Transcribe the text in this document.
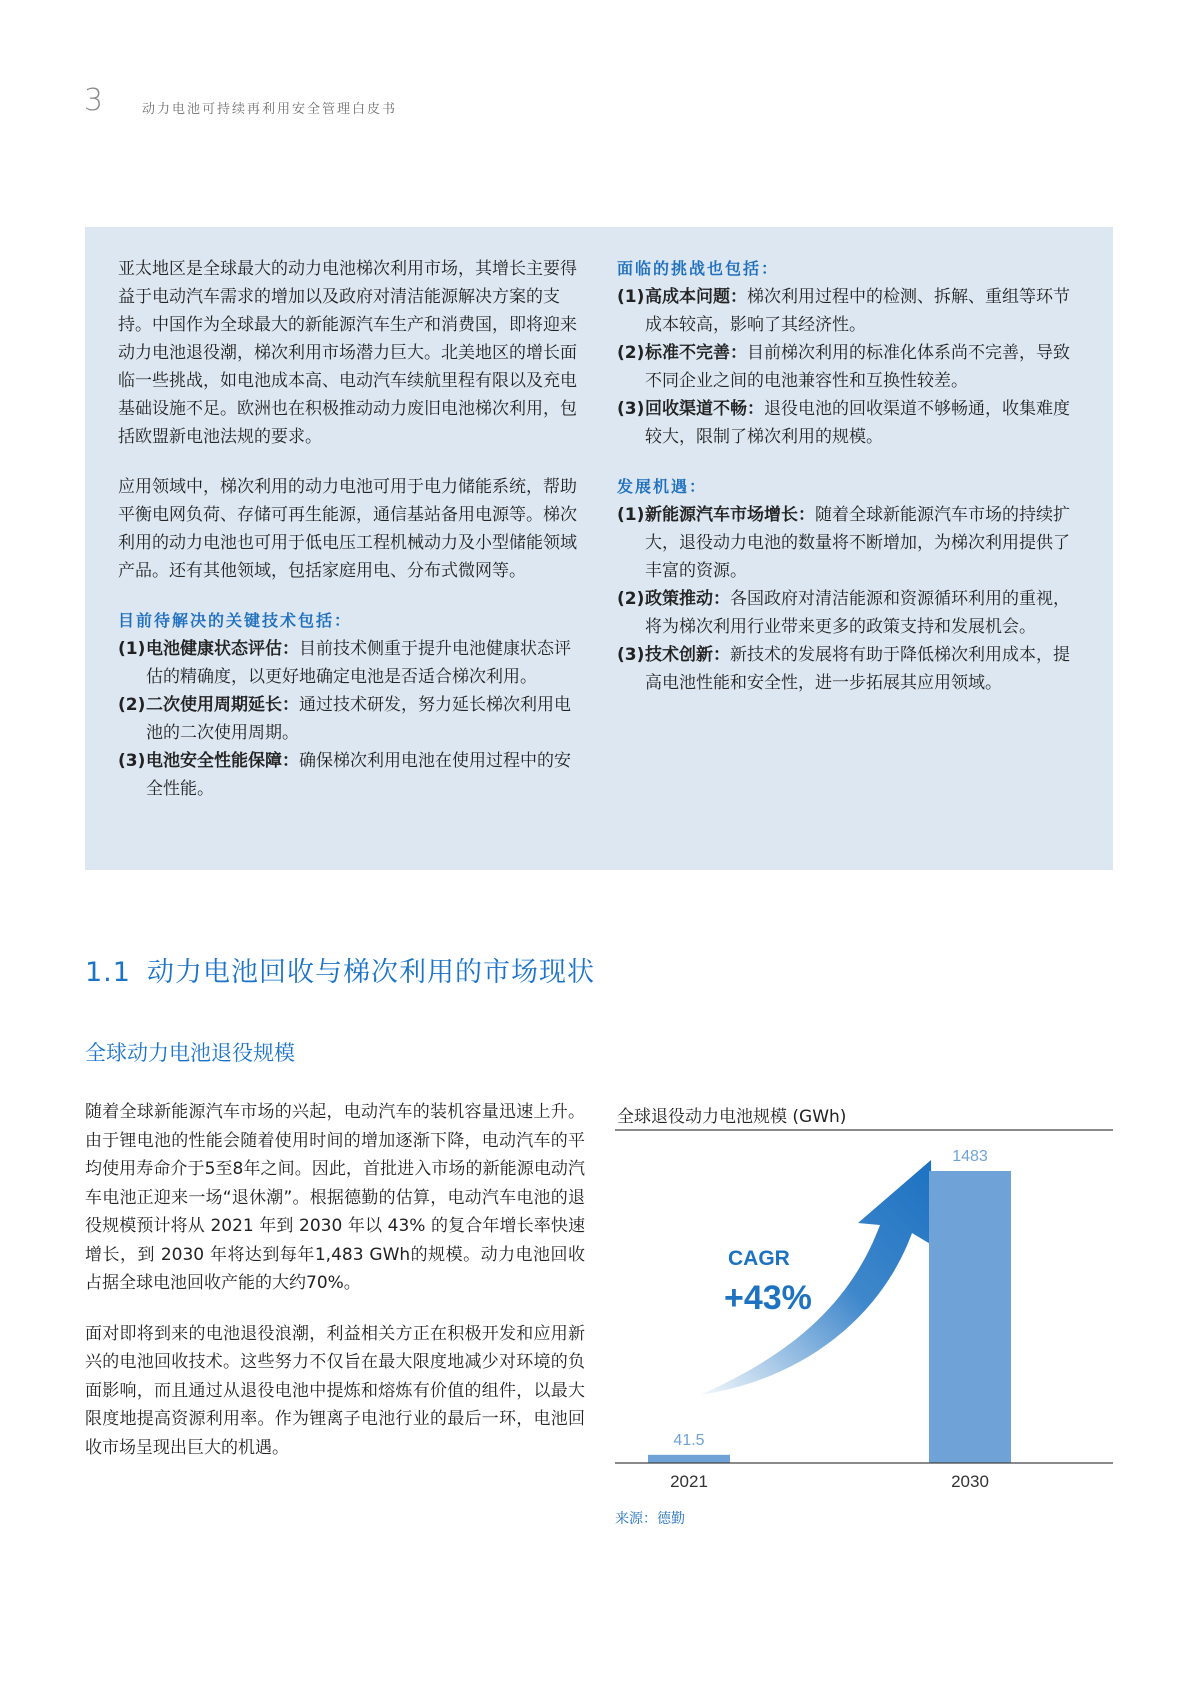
3	动力电池可持续再利用安全管理白皮书

亚太地区是全球最大的动力电池梯次利用市场，其增长主要得益于电动汽车需求的增加以及政府对清洁能源解决方案的支持。中国作为全球最大的新能源汽车生产和消费国，即将迎来动力电池退役潮，梯次利用市场潜力巨大。北美地区的增长面临一些挑战，如电池成本高、电动汽车续航里程有限以及充电基础设施不足。欧洲也在积极推动动力废旧电池梯次利用，包括欧盟新电池法规的要求。

应用领域中，梯次利用的动力电池可用于电力储能系统，帮助平衡电网负荷、存储可再生能源，通信基站备用电源等。梯次利用的动力电池也可用于低电压工程机械动力及小型储能领域产品。还有其他领域，包括家庭用电、分布式微网等。

目前待解决的关键技术包括：
(1) 电池健康状态评估：目前技术侧重于提升电池健康状态评估的精确度，以更好地确定电池是否适合梯次利用。
(2) 二次使用周期延长：通过技术研发，努力延长梯次利用电池的二次使用周期。
(3) 电池安全性能保障：确保梯次利用电池在使用过程中的安全性能。
面临的挑战也包括：
(1) 高成本问题：梯次利用过程中的检测、拆解、重组等环节成本较高，影响了其经济性。
(2) 标准不完善：目前梯次利用的标准化体系尚不完善，导致不同企业之间的电池兼容性和互换性较差。
(3) 回收渠道不畅：退役电池的回收渠道不够畅通，收集难度较大，限制了梯次利用的规模。
发展机遇：
(1) 新能源汽车市场增长：随着全球新能源汽车市场的持续扩大，退役动力电池的数量将不断增加，为梯次利用提供了丰富的资源。
(2) 政策推动：各国政府对清洁能源和资源循环利用的重视，将为梯次利用行业带来更多的政策支持和发展机会。
(3) 技术创新：新技术的发展将有助于降低梯次利用成本，提高电池性能和安全性，进一步拓展其应用领域。
1.1 动力电池回收与梯次利用的市场现状
全球动力电池退役规模

随着全球新能源汽车市场的兴起，电动汽车的装机容量迅速上升。由于锂电池的性能会随着使用时间的增加逐渐下降，电动汽车的平均使用寿命介于5至8年之间。因此，首批进入市场的新能源电动汽车电池正迎来一场“退休潮”。根据德勤的估算，电动汽车电池的退役规模预计将从 2021 年到 2030 年以 43% 的复合年增长率快速增长，到 2030 年将达到每年1,483 GWh的规模。动力电池回收占据全球电池回收产能的大约70%。

面对即将到来的电池退役浪潮，利益相关方正在积极开发和应用新兴的电池回收技术。这些努力不仅旨在最大限度地减少对环境的负面影响，而且通过从退役电池中提炼和熔炼有价值的组件，以最大限度地提高资源利用率。作为锂离子电池行业的最后一环，电池回收市场呈现出巨大的机遇。

全球退役动力电池规模 (GWh)
CAGR
+43%
41.5
2021
1483
2030
来源：德勤
